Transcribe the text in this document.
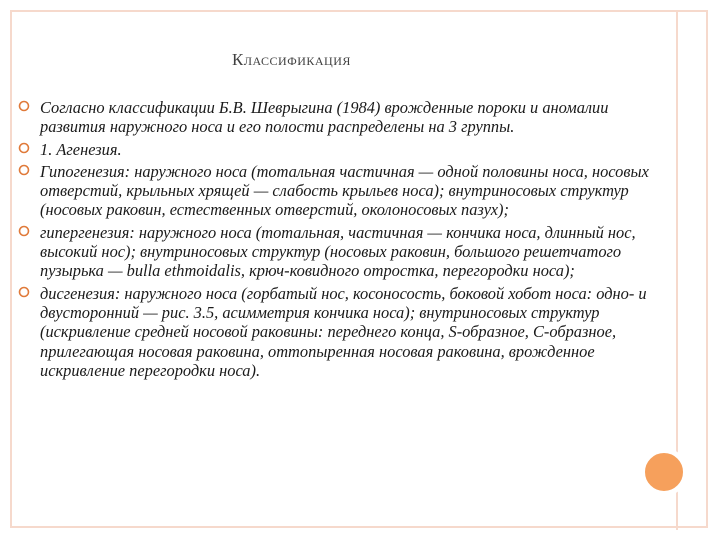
Классификация
Согласно классификации Б.В. Шеврыгина (1984) врожденные пороки и аномалии развития наружного носа и его полости распределены на 3 группы.
1. Агенезия.
Гипогенезия: наружного носа (тотальная частичная — одной половины носа, носовых отверстий, крыльных хрящей — слабость крыльев носа); внутриносовых структур (носовых раковин, естественных отверстий, околоносовых пазух);
гипергенезия: наружного носа (тотальная, частичная — кончика носа, длинный нос, высокий нос); внутриносовых структур (носовых раковин, большого решетчатого пузырька — bulla ethmoidalis, крюч-ковидного отростка, перегородки носа);
дисгенезия: наружного носа (горбатый нос, косоносость, боковой хобот носа: одно- и двусторонний — рис. 3.5, асимметрия кончика носа); внутриносовых структур (искривление средней носовой раковины: переднего конца, S-образное, С-образное, прилегающая носовая раковина, оттопыренная носовая раковина, врожденное искривление перегородки носа).
